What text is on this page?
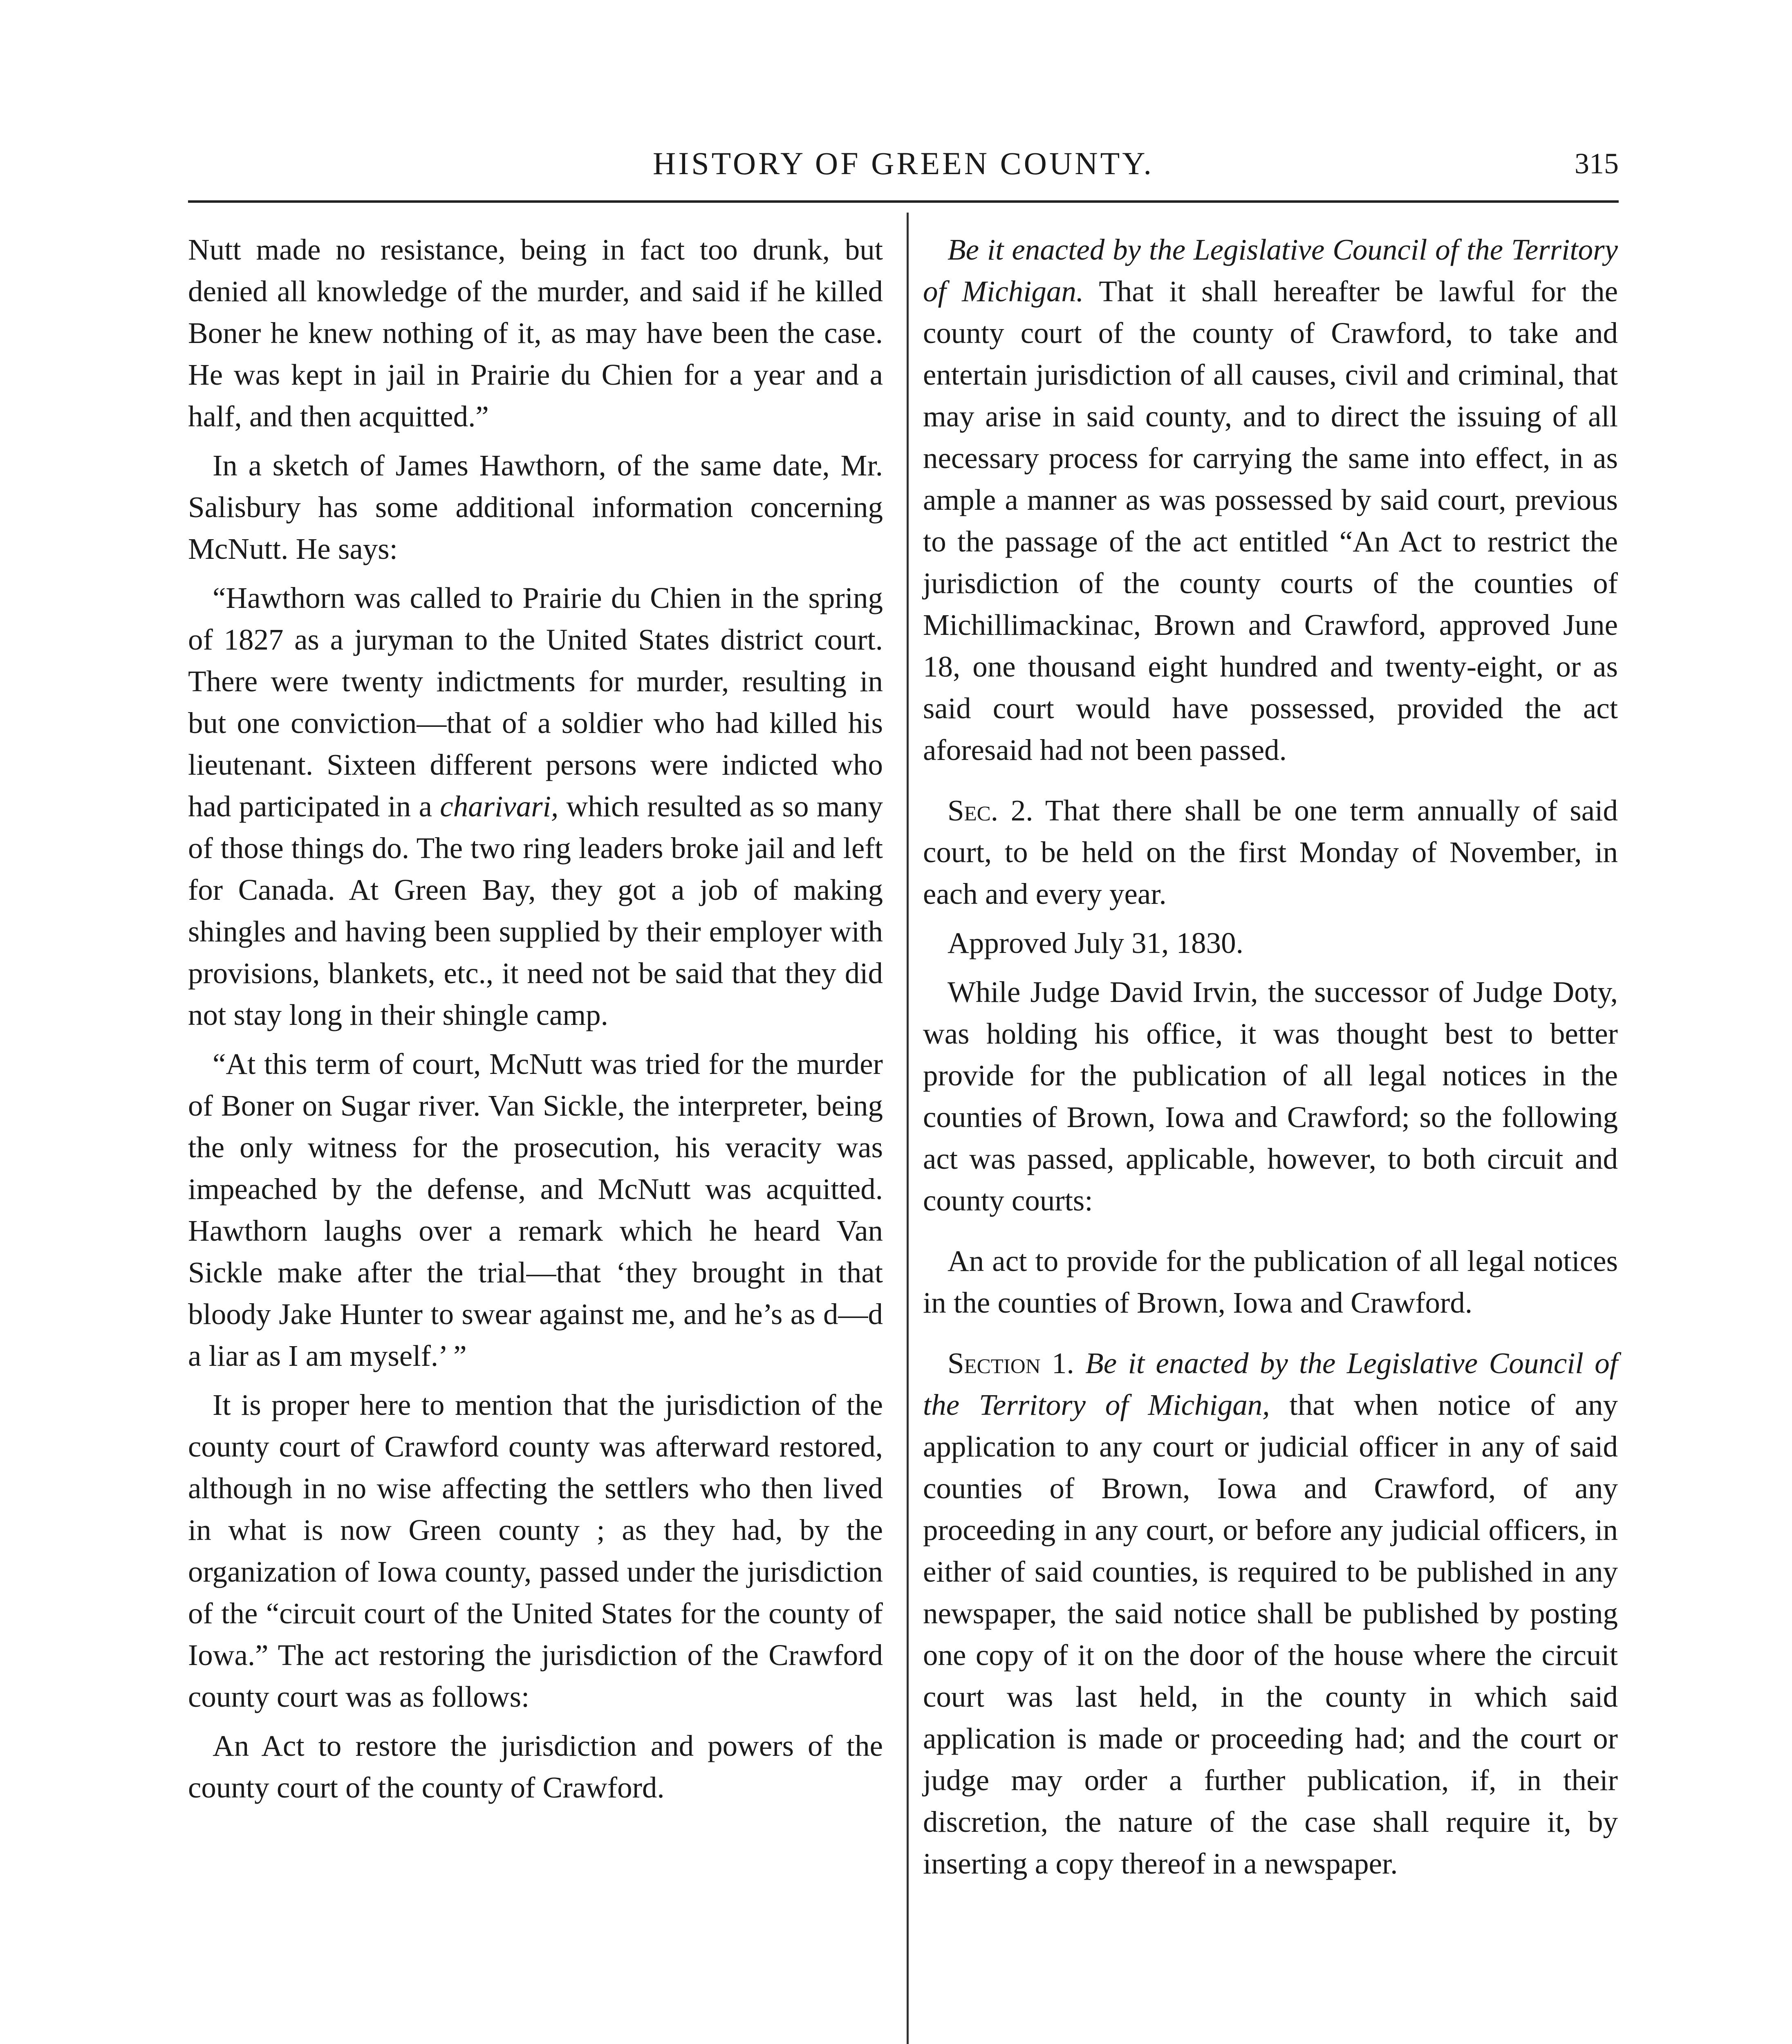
HISTORY OF GREEN COUNTY.	315

Nutt made no resistance, being in fact too drunk, but denied all knowledge of the murder, and said if he killed Boner he knew nothing of it, as may have been the case. He was kept in jail in Prairie du Chien for a year and a half, and then acquitted.”

In a sketch of James Hawthorn, of the same date, Mr. Salisbury has some additional information concerning McNutt. He says:

“Hawthorn was called to Prairie du Chien in the spring of 1827 as a juryman to the United States district court. There were twenty indictments for murder, resulting in but one conviction—that of a soldier who had killed his lieutenant. Sixteen different persons were indicted who had participated in a charivari, which resulted as so many of those things do. The two ring leaders broke jail and left for Canada. At Green Bay, they got a job of making shingles and having been supplied by their employer with provisions, blankets, etc., it need not be said that they did not stay long in their shingle camp.

“At this term of court, McNutt was tried for the murder of Boner on Sugar river. Van Sickle, the interpreter, being the only witness for the prosecution, his veracity was impeached by the defense, and McNutt was acquitted. Hawthorn laughs over a remark which he heard Van Sickle make after the trial—that ‘they brought in that bloody Jake Hunter to swear against me, and he’s as d—d a liar as I am myself.’ ”

It is proper here to mention that the jurisdiction of the county court of Crawford county was afterward restored, although in no wise affecting the settlers who then lived in what is now Green county ; as they had, by the organization of Iowa county, passed under the jurisdiction of the “circuit court of the United States for the county of Iowa.” The act restoring the jurisdiction of the Crawford county court was as follows:

An Act to restore the jurisdiction and powers of the county court of the county of Crawford.

Be it enacted by the Legislative Council of the Territory of Michigan. That it shall hereafter be lawful for the county court of the county of Crawford, to take and entertain jurisdiction of all causes, civil and criminal, that may arise in said county, and to direct the issuing of all necessary process for carrying the same into effect, in as ample a manner as was possessed by said court, previous to the passage of the act entitled “An Act to restrict the jurisdiction of the county courts of the counties of Michillimackinac, Brown and Crawford, approved June 18, one thousand eight hundred and twenty-eight, or as said court would have possessed, provided the act aforesaid had not been passed.

Sec. 2. That there shall be one term annually of said court, to be held on the first Monday of November, in each and every year.

Approved July 31, 1830.

While Judge David Irvin, the successor of Judge Doty, was holding his office, it was thought best to better provide for the publication of all legal notices in the counties of Brown, Iowa and Crawford; so the following act was passed, applicable, however, to both circuit and county courts:

An act to provide for the publication of all legal notices in the counties of Brown, Iowa and Crawford.

Section 1. Be it enacted by the Legislative Council of the Territory of Michigan, that when notice of any application to any court or judicial officer in any of said counties of Brown, Iowa and Crawford, of any proceeding in any court, or before any judicial officers, in either of said counties, is required to be published in any newspaper, the said notice shall be published by posting one copy of it on the door of the house where the circuit court was last held, in the county in which said application is made or proceeding had; and the court or judge may order a further publication, if, in their discretion, the nature of the case shall require it, by inserting a copy thereof in a newspaper.
